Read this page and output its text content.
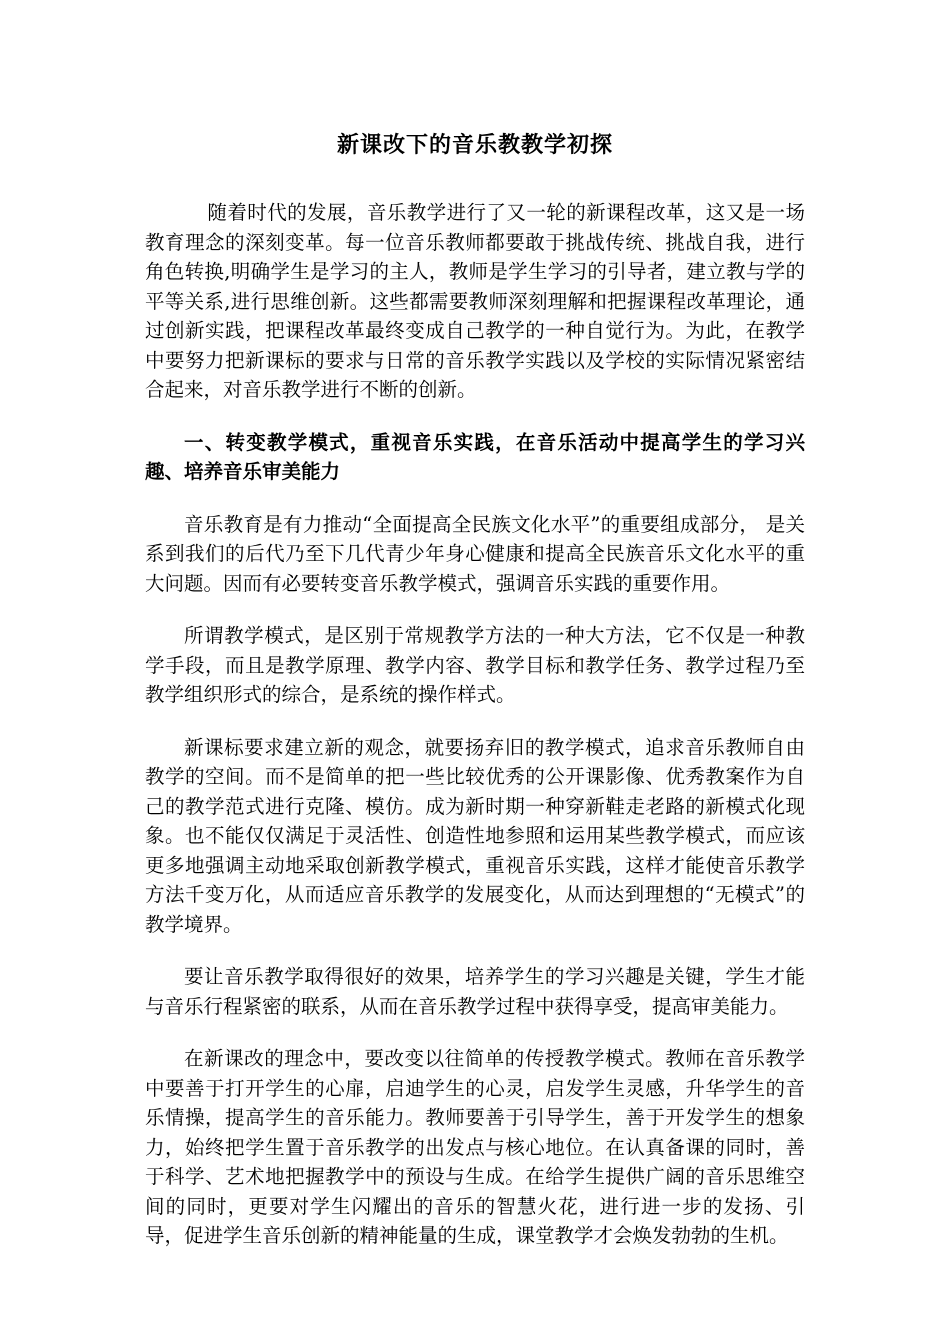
新课改下的音乐教教学初探

随着时代的发展，音乐教学进行了又一轮的新课程改革，这又是一场教育理念的深刻变革。每一位音乐教师都要敢于挑战传统、挑战自我，进行角色转换,明确学生是学习的主人，教师是学生学习的引导者，建立教与学的平等关系,进行思维创新。这些都需要教师深刻理解和把握课程改革理论，通过创新实践，把课程改革最终变成自己教学的一种自觉行为。为此，在教学中要努力把新课标的要求与日常的音乐教学实践以及学校的实际情况紧密结合起来，对音乐教学进行不断的创新。

一、转变教学模式，重视音乐实践，在音乐活动中提高学生的学习兴趣、培养音乐审美能力

音乐教育是有力推动“全面提高全民族文化水平”的重要组成部分， 是关系到我们的后代乃至下几代青少年身心健康和提高全民族音乐文化水平的重大问题。因而有必要转变音乐教学模式，强调音乐实践的重要作用。

所谓教学模式，是区别于常规教学方法的一种大方法，它不仅是一种教学手段，而且是教学原理、教学内容、教学目标和教学任务、教学过程乃至教学组织形式的综合，是系统的操作样式。

新课标要求建立新的观念，就要扬弃旧的教学模式，追求音乐教师自由教学的空间。而不是简单的把一些比较优秀的公开课影像、优秀教案作为自己的教学范式进行克隆、模仿。成为新时期一种穿新鞋走老路的新模式化现象。也不能仅仅满足于灵活性、创造性地参照和运用某些教学模式，而应该更多地强调主动地采取创新教学模式，重视音乐实践，这样才能使音乐教学方法千变万化，从而适应音乐教学的发展变化，从而达到理想的“无模式”的教学境界。

要让音乐教学取得很好的效果，培养学生的学习兴趣是关键，学生才能与音乐行程紧密的联系，从而在音乐教学过程中获得享受，提高审美能力。

在新课改的理念中，要改变以往简单的传授教学模式。教师在音乐教学中要善于打开学生的心扉，启迪学生的心灵，启发学生灵感，升华学生的音乐情操，提高学生的音乐能力。教师要善于引导学生，善于开发学生的想象力，始终把学生置于音乐教学的出发点与核心地位。在认真备课的同时，善于科学、艺术地把握教学中的预设与生成。在给学生提供广阔的音乐思维空间的同时，更要对学生闪耀出的音乐的智慧火花，进行进一步的发扬、引导，促进学生音乐创新的精神能量的生成，课堂教学才会焕发勃勃的生机。
